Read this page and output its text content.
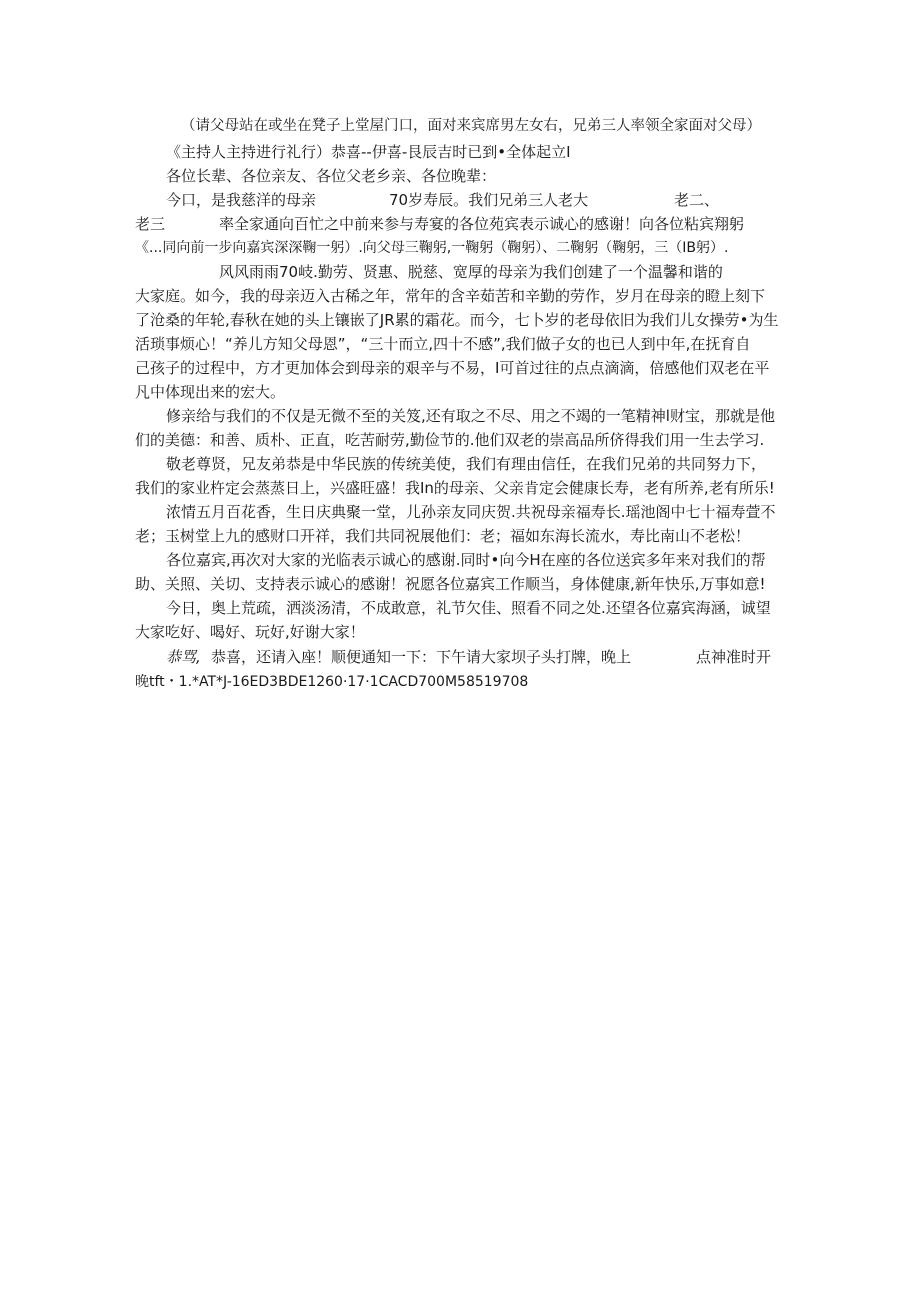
（请父母站在或坐在凳子上堂屋门口，面对来宾席男左女右，兄弟三人率领全家面对父母）
《主持人主持进行礼行）恭喜--伊喜-艮辰吉时已到•全体起立I
各位长辈、各位亲友、各位父老乡亲、各位晚辈：
今口，是我慈洋的母亲	70岁寿辰。我们兄弟三人老大	老二、
老三	率全家通向百忙之中前来参与寿宴的各位苑宾表示诚心的感谢！向各位粘宾翔躬
《...同向前一步向嘉宾深深鞠一躬）.向父母三鞠躬,一鞠躬（鞠躬）、二鞠躬（鞠躬，三（IB躬）.
风风雨雨70岐.勤劳、贤惠、脱慈、宽厚的母亲为我们创建了一个温馨和谐的
大家庭。如今，我的母亲迈入古稀之年，常年的含辛茹苦和辛勤的劳作，岁月在母亲的瞪上刻下
了沧桑的年轮,春秋在她的头上镶嵌了JR累的霜花。而今，七卜岁的老母依旧为我们儿女操劳•为生
活琐事烦心！“养儿方知父母恩”，“三十而立,四十不感”,我们做子女的也已人到中年,在抚育自
己孩子的过程中，方才更加体会到母亲的艰辛与不易，I可首过往的点点滴滴，倍感他们双老在平
凡中体现出来的宏大。
修亲给与我们的不仅是无微不至的关笈,还有取之不尽、用之不竭的一笔精神l财宝，那就是他
们的美德：和善、质朴、正直，吃苦耐劳,勤俭节的.他们双老的崇高品所侪得我们用一生去学习.
敬老尊贤，兄友弟恭是中华民族的传统美使，我们有理由信任，在我们兄弟的共同努力下，
我们的家业杵定会蒸蒸日上，兴盛旺盛！我In的母亲、父亲肯定会健康长寿，老有所养,老有所乐!
浓情五月百花香，生日庆典聚一堂，儿孙亲友同庆贺.共祝母亲福寿长.瑶池阁中七十福寿萱不
老；玉树堂上九的感财口开祥，我们共同祝展他们：老；福如东海长流水，寿比南山不老松！
各位嘉宾,再次对大家的光临表示诚心的感谢.同时•向今H在座的各位送宾多年来对我们的帮
助、关照、关切、支持表示诚心的感谢！祝愿各位嘉宾工作顺当，身体健康,新年快乐,万事如意!
今日，奥上荒疏，洒淡汤清，不成敢意，礼节欠佳、照看不同之处.还望各位嘉宾海涵，诚望
大家吃好、喝好、玩好,好谢大家！
恭骂, 恭喜，还请入座！顺便通知一下：下午请大家坝子头打牌，晚上	点神准时开
晚tft・1.*AT*J-16ED3BDE1260·17·1CACD700M58519708
